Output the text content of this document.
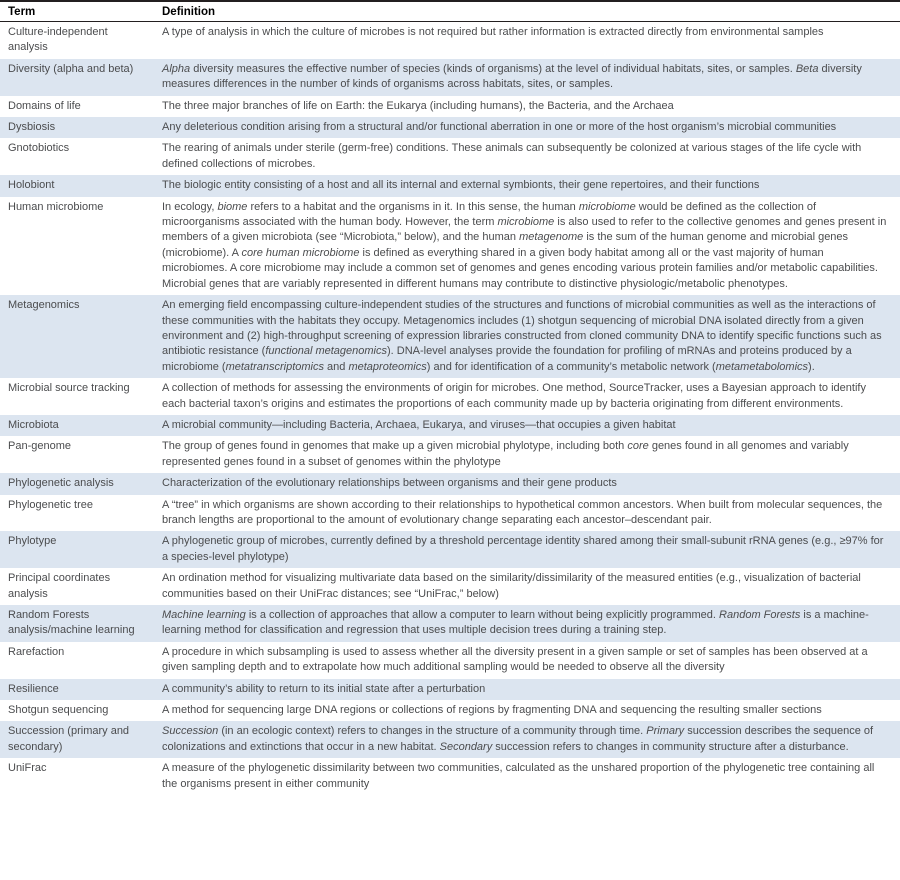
Term	Definition
Culture-independent analysis	A type of analysis in which the culture of microbes is not required but rather information is extracted directly from environmental samples
Diversity (alpha and beta)	Alpha diversity measures the effective number of species (kinds of organisms) at the level of individual habitats, sites, or samples. Beta diversity measures differences in the number of kinds of organisms across habitats, sites, or samples.
Domains of life	The three major branches of life on Earth: the Eukarya (including humans), the Bacteria, and the Archaea
Dysbiosis	Any deleterious condition arising from a structural and/or functional aberration in one or more of the host organism’s microbial communities
Gnotobiotics	The rearing of animals under sterile (germ-free) conditions. These animals can subsequently be colonized at various stages of the life cycle with defined collections of microbes.
Holobiont	The biologic entity consisting of a host and all its internal and external symbionts, their gene repertoires, and their functions
Human microbiome	In ecology, biome refers to a habitat and the organisms in it. In this sense, the human microbiome would be defined as the collection of microorganisms associated with the human body. However, the term microbiome is also used to refer to the collective genomes and genes present in members of a given microbiota (see “Microbiota,” below), and the human metagenome is the sum of the human genome and microbial genes (microbiome). A core human microbiome is defined as everything shared in a given body habitat among all or the vast majority of human microbiomes. A core microbiome may include a common set of genomes and genes encoding various protein families and/or metabolic capabilities. Microbial genes that are variably represented in different humans may contribute to distinctive physiologic/metabolic phenotypes.
Metagenomics	An emerging field encompassing culture-independent studies of the structures and functions of microbial communities as well as the interactions of these communities with the habitats they occupy. Metagenomics includes (1) shotgun sequencing of microbial DNA isolated directly from a given environment and (2) high-throughput screening of expression libraries constructed from cloned community DNA to identify specific functions such as antibiotic resistance (functional metagenomics). DNA-level analyses provide the foundation for profiling of mRNAs and proteins produced by a microbiome (metatranscriptomics and metaproteomics) and for identification of a community’s metabolic network (metametabolomics).
Microbial source tracking	A collection of methods for assessing the environments of origin for microbes. One method, SourceTracker, uses a Bayesian approach to identify each bacterial taxon’s origins and estimates the proportions of each community made up by bacteria originating from different environments.
Microbiota	A microbial community—including Bacteria, Archaea, Eukarya, and viruses—that occupies a given habitat
Pan-genome	The group of genes found in genomes that make up a given microbial phylotype, including both core genes found in all genomes and variably represented genes found in a subset of genomes within the phylotype
Phylogenetic analysis	Characterization of the evolutionary relationships between organisms and their gene products
Phylogenetic tree	A “tree” in which organisms are shown according to their relationships to hypothetical common ancestors. When built from molecular sequences, the branch lengths are proportional to the amount of evolutionary change separating each ancestor–descendant pair.
Phylotype	A phylogenetic group of microbes, currently defined by a threshold percentage identity shared among their small-subunit rRNA genes (e.g., ≥97% for a species-level phylotype)
Principal coordinates analysis	An ordination method for visualizing multivariate data based on the similarity/dissimilarity of the measured entities (e.g., visualization of bacterial communities based on their UniFrac distances; see “UniFrac,” below)
Random Forests analysis/machine learning	Machine learning is a collection of approaches that allow a computer to learn without being explicitly programmed. Random Forests is a machine-learning method for classification and regression that uses multiple decision trees during a training step.
Rarefaction	A procedure in which subsampling is used to assess whether all the diversity present in a given sample or set of samples has been observed at a given sampling depth and to extrapolate how much additional sampling would be needed to observe all the diversity
Resilience	A community’s ability to return to its initial state after a perturbation
Shotgun sequencing	A method for sequencing large DNA regions or collections of regions by fragmenting DNA and sequencing the resulting smaller sections
Succession (primary and secondary)	Succession (in an ecologic context) refers to changes in the structure of a community through time. Primary succession describes the sequence of colonizations and extinctions that occur in a new habitat. Secondary succession refers to changes in community structure after a disturbance.
UniFrac	A measure of the phylogenetic dissimilarity between two communities, calculated as the unshared proportion of the phylogenetic tree containing all the organisms present in either community
